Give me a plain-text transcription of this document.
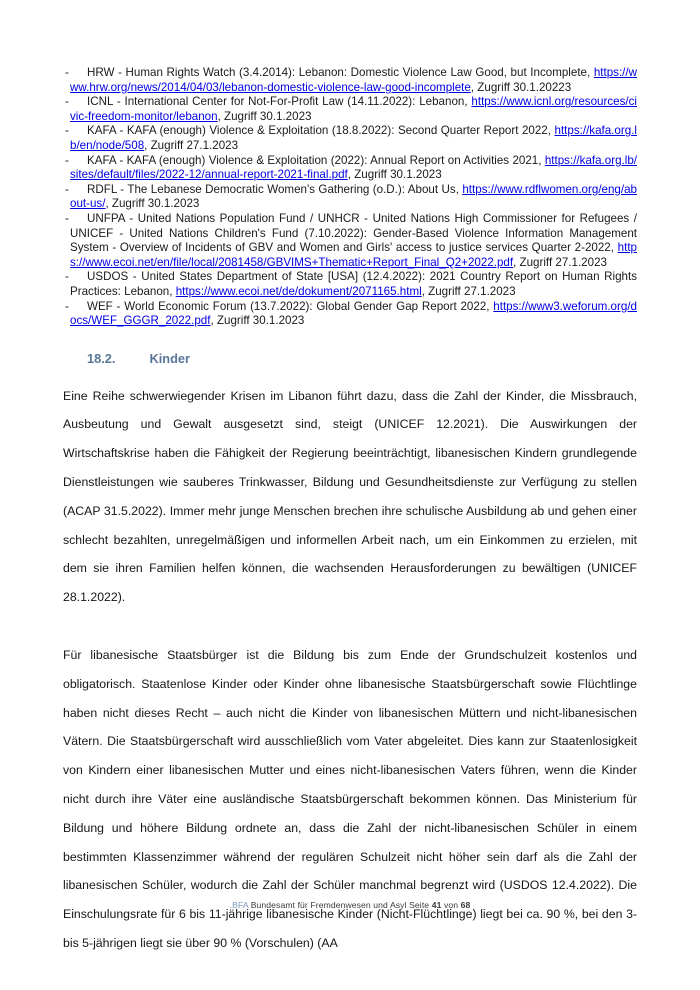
- HRW - Human Rights Watch (3.4.2014): Lebanon: Domestic Violence Law Good, but Incomplete, https://www.hrw.org/news/2014/04/03/lebanon-domestic-violence-law-good-incomplete, Zugriff 30.1.20223

- ICNL - International Center for Not-For-Profit Law (14.11.2022): Lebanon, https://www.icnl.org/resources/civic-freedom-monitor/lebanon, Zugriff 30.1.2023

- KAFA - KAFA (enough) Violence & Exploitation (18.8.2022): Second Quarter Report 2022, https://kafa.org.lb/en/node/508, Zugriff 27.1.2023

- KAFA - KAFA (enough) Violence & Exploitation (2022): Annual Report on Activities 2021, https://kafa.org.lb/sites/default/files/2022-12/annual-report-2021-final.pdf, Zugriff 30.1.2023

- RDFL - The Lebanese Democratic Women's Gathering (o.D.): About Us, https://www.rdflwomen.org/eng/about-us/, Zugriff 30.1.2023

- UNFPA - United Nations Population Fund / UNHCR - United Nations High Commissioner for Refugees / UNICEF - United Nations Children's Fund (7.10.2022): Gender-Based Violence Information Management System - Overview of Incidents of GBV and Women and Girls' access to justice services Quarter 2-2022, https://www.ecoi.net/en/file/local/2081458/GBVIMS+Thematic+Report_Final_Q2+2022.pdf, Zugriff 27.1.2023

- USDOS - United States Department of State [USA] (12.4.2022): 2021 Country Report on Human Rights Practices: Lebanon, https://www.ecoi.net/de/dokument/2071165.html, Zugriff 27.1.2023

- WEF - World Economic Forum (13.7.2022): Global Gender Gap Report 2022, https://www3.weforum.org/docs/WEF_GGGR_2022.pdf, Zugriff 30.1.2023

18.2.	Kinder

Eine Reihe schwerwiegender Krisen im Libanon führt dazu, dass die Zahl der Kinder, die Missbrauch, Ausbeutung und Gewalt ausgesetzt sind, steigt (UNICEF 12.2021). Die Auswirkungen der Wirtschaftskrise haben die Fähigkeit der Regierung beeinträchtigt, libanesischen Kindern grundlegende Dienstleistungen wie sauberes Trinkwasser, Bildung und Gesundheitsdienste zur Verfügung zu stellen (ACAP 31.5.2022). Immer mehr junge Menschen brechen ihre schulische Ausbildung ab und gehen einer schlecht bezahlten, unregelmäßigen und informellen Arbeit nach, um ein Einkommen zu erzielen, mit dem sie ihren Familien helfen können, die wachsenden Herausforderungen zu bewältigen (UNICEF 28.1.2022).

Für libanesische Staatsbürger ist die Bildung bis zum Ende der Grundschulzeit kostenlos und obligatorisch. Staatenlose Kinder oder Kinder ohne libanesische Staatsbürgerschaft sowie Flüchtlinge haben nicht dieses Recht – auch nicht die Kinder von libanesischen Müttern und nicht-libanesischen Vätern. Die Staatsbürgerschaft wird ausschließlich vom Vater abgeleitet. Dies kann zur Staatenlosigkeit von Kindern einer libanesischen Mutter und eines nicht-libanesischen Vaters führen, wenn die Kinder nicht durch ihre Väter eine ausländische Staatsbürgerschaft bekommen können. Das Ministerium für Bildung und höhere Bildung ordnete an, dass die Zahl der nicht-libanesischen Schüler in einem bestimmten Klassenzimmer während der regulären Schulzeit nicht höher sein darf als die Zahl der libanesischen Schüler, wodurch die Zahl der Schüler manchmal begrenzt wird (USDOS 12.4.2022). Die Einschulungsrate für 6 bis 11-jährige libanesische Kinder (Nicht-Flüchtlinge) liegt bei ca. 90 %, bei den 3- bis 5-jährigen liegt sie über 90 % (Vorschulen) (AA

.BFA Bundesamt für Fremdenwesen und Asyl Seite 41 von 68
